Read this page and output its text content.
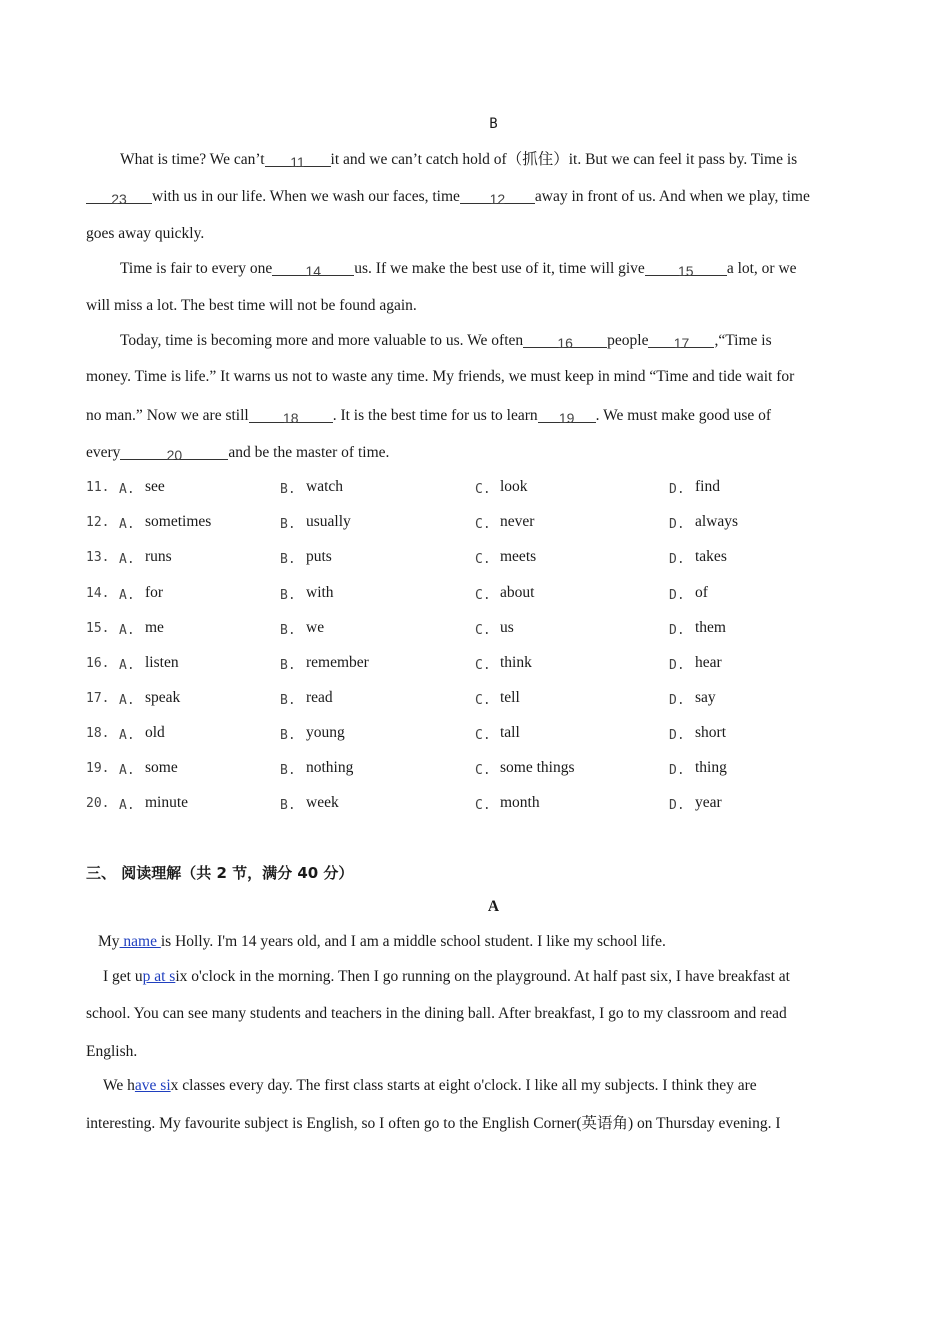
B
What is time? We can’t 11 it and we can’t catch hold of（抓住）it. But we can feel it pass by. Time is
23 with us in our life. When we wash our faces, time 12 away in front of us. And when we play, time
goes away quickly.
Time is fair to every one 14 us. If we make the best use of it, time will give 15 a lot, or we
will miss a lot. The best time will not be found again.
Today, time is becoming more and more valuable to us. We often 16 people 17 ,“Time is
money. Time is life.” It warns us not to waste any time. My friends, we must keep in mind “Time and tide wait for
no man.” Now we are still 18 . It is the best time for us to learn 19 . We must make good use of
every	20	and be the master of time.
11. A. see	B. watch	C. look	D. find
12. A. sometimes	B. usually	C. never	D. always
13. A. runs	B. puts	C. meets	D. takes
14. A. for	B. with	C. about	D. of
15. A. me	B. we	C. us	D. them
16. A. listen	B. remember	C. think	D. hear
17. A. speak	B. read	C. tell	D. say
18. A. old	B. young	C. tall	D. short
19. A. some	B. nothing	C. some things	D. thing
20. A. minute	B. week	C. month	D. year
三、 阅读理解（共 2 节，满分 40 分）
A
My name is Holly. I'm 14 years old, and I am a middle school student. I like my school life.
I get up at six o'clock in the morning. Then I go running on the playground. At half past six, I have breakfast at
school. You can see many students and teachers in the dining ball. After breakfast, I go to my classroom and read
English.
We have six classes every day. The first class starts at eight o'clock. I like all my subjects. I think they are
interesting. My favourite subject is English, so I often go to the English Corner(英语角) on Thursday evening. I
